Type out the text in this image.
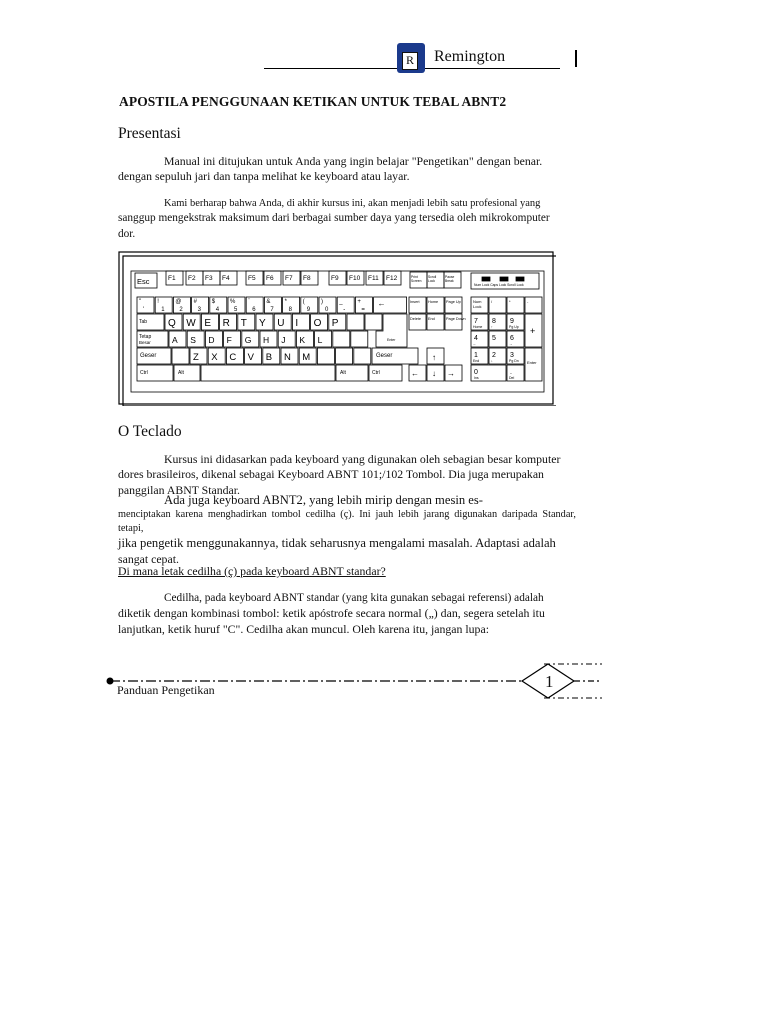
R Remington
APOSTILA PENGGUNAAN KETIKAN UNTUK TEBAL ABNT2
Presentasi
Manual ini ditujukan untuk Anda yang ingin belajar "Pengetikan" dengan benar.
dengan sepuluh jari dan tanpa melihat ke keyboard atau layar.
Kami berharap bahwa Anda, di akhir kursus ini, akan menjadi lebih satu profesional yang
sanggup mengekstrak maksimum dari berbagai sumber daya yang tersedia oleh mikrokomputer
dor.
Esc	F1 F2 F3 F4	F5 F6 F7 F8	F9 F10 F11 F12	Print
Screen
Scroll
Lock
Pause
Break
Num Lock Caps Lock Scroll Lock
"
'
!
1
@
2
#
3
$
4
%
5
¨
6
&
7
*
8
(
9
)
0
_
-
+
=
←
Tab Q W E R T Y U I O P
Enter
Tetap
Besar A S D F G H J K L
Geser	Z X C V B N M	Geser
Ctrl	Alt	Alt	Ctrl
Insert Home Page Up
Delete End	Page Down
↑
← ↓ →
Num
Lock
/	*	-
7
Home
8
↑
9
Pg Up +
4
←
5 6
→
1
End
2
↓
3
Pg Dn Enter
0
Ins
.
Del
O Teclado
Kursus ini didasarkan pada keyboard yang digunakan oleh sebagian besar komputer
dores brasileiros, dikenal sebagai Keyboard ABNT 101;/102 Tombol. Dia juga merupakan
panggilan ABNT Standar.
Ada juga keyboard ABNT2, yang lebih mirip dengan mesin es-
menciptakan karena menghadirkan tombol cedilha (ç). Ini jauh lebih jarang digunakan daripada Standar, tetapi,
jika pengetik menggunakannya, tidak seharusnya mengalami masalah. Adaptasi adalah
sangat cepat.
Di mana letak cedilha (ç) pada keyboard ABNT standar?
Cedilha, pada keyboard ABNT standar (yang kita gunakan sebagai referensi) adalah
diketik dengan kombinasi tombol: ketik apóstrofe secara normal („) dan, segera setelah itu
lanjutkan, ketik huruf "C". Cedilha akan muncul. Oleh karena itu, jangan lupa:
Panduan Pengetikan	1
